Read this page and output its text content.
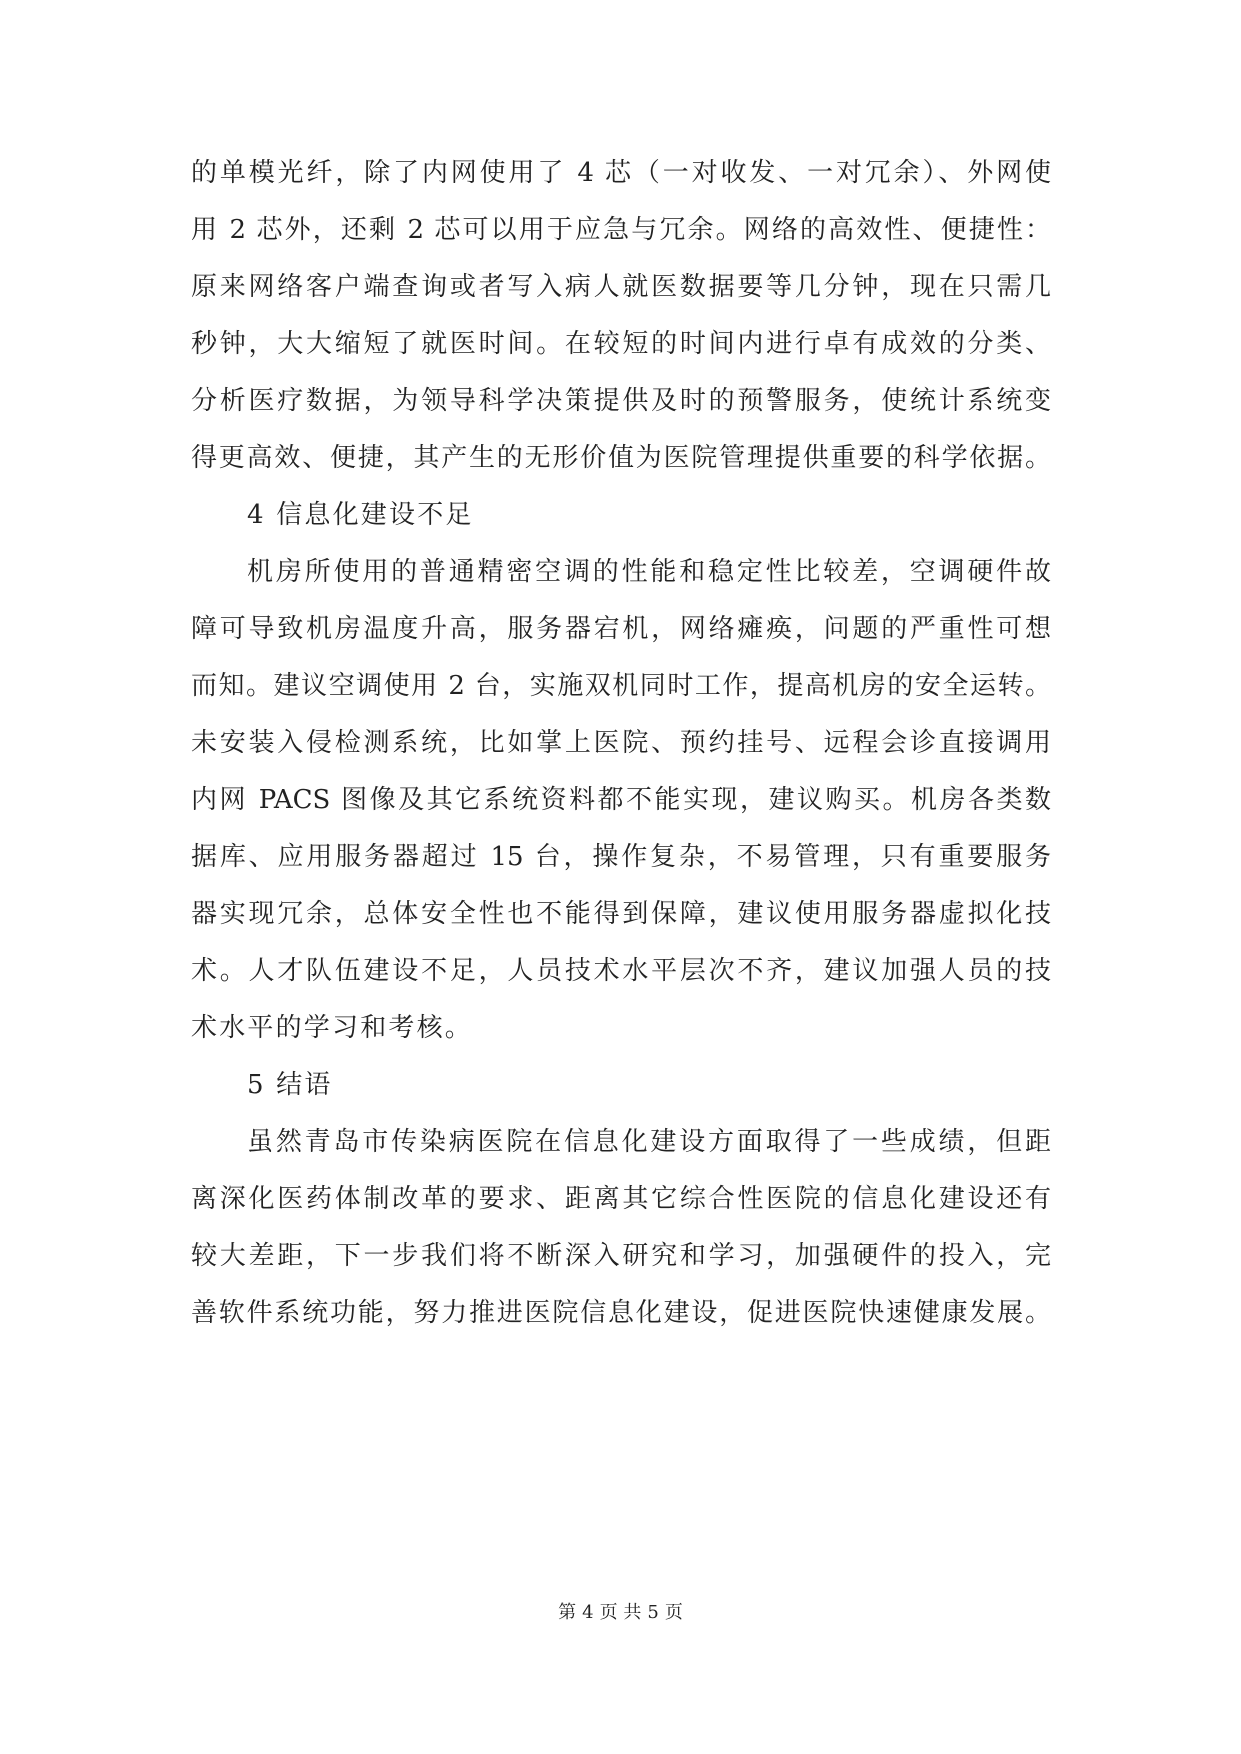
的单模光纤，除了内网使用了 4 芯（一对收发、一对冗余）、外网使
用 2 芯外，还剩 2 芯可以用于应急与冗余。网络的高效性、便捷性：
原来网络客户端查询或者写入病人就医数据要等几分钟，现在只需几
秒钟，大大缩短了就医时间。在较短的时间内进行卓有成效的分类、
分析医疗数据，为领导科学决策提供及时的预警服务，使统计系统变
得更高效、便捷，其产生的无形价值为医院管理提供重要的科学依据。
4 信息化建设不足
机房所使用的普通精密空调的性能和稳定性比较差，空调硬件故
障可导致机房温度升高，服务器宕机，网络瘫痪，问题的严重性可想
而知。建议空调使用 2 台，实施双机同时工作，提高机房的安全运转。
未安装入侵检测系统，比如掌上医院、预约挂号、远程会诊直接调用
内网 PACS 图像及其它系统资料都不能实现，建议购买。机房各类数
据库、应用服务器超过 15 台，操作复杂，不易管理，只有重要服务
器实现冗余，总体安全性也不能得到保障，建议使用服务器虚拟化技
术。人才队伍建设不足，人员技术水平层次不齐，建议加强人员的技
术水平的学习和考核。
5 结语
虽然青岛市传染病医院在信息化建设方面取得了一些成绩，但距
离深化医药体制改革的要求、距离其它综合性医院的信息化建设还有
较大差距，下一步我们将不断深入研究和学习，加强硬件的投入，完
善软件系统功能，努力推进医院信息化建设，促进医院快速健康发展。
第 4 页 共 5 页
